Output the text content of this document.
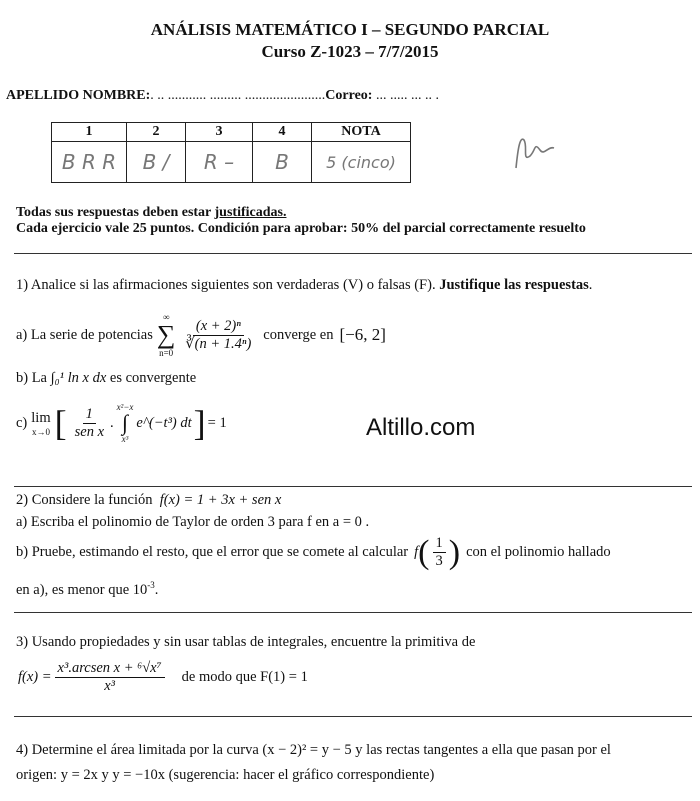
ANÁLISIS MATEMÁTICO I – SEGUNDO PARCIAL
Curso Z-1023 – 7/7/2015
APELLIDO NOMBRE:. .. ........... ......... .......................Correo: ... ..... ... .. .
1	2	3	4	NOTA
B R R	B /	R –	B	5 (cinco)
Todas sus respuestas deben estar justificadas.
Cada ejercicio vale 25 puntos. Condición para aprobar: 50% del parcial correctamente resuelto
1) Analice si las afirmaciones siguientes son verdaderas (V) o falsas (F). Justifique las respuestas.
a) La serie de potencias
∞
∑
n=0
$\frac{\text{(x + 2)ⁿ}}{\text{∛(n + 1.4ⁿ)}}$ converge en [−6, 2]
b) La ∫₀¹ ln x dx es convergente
c) lim
x→0 [ $\frac{1}{\text{sen x}}$ .
x²−x
∫
x³
e^(−t³) dt ] = 1	Altillo.com
2) Considere la función f(x) = 1 + 3x + sen x
a) Escriba el polinomio de Taylor de orden 3 para f en a = 0 .
b) Pruebe, estimando el resto, que el error que se comete al calcular f ( $\frac{1}{3}$ ) con el polinomio hallado
en a), es menor que $10^{-3}$.
3) Usando propiedades y sin usar tablas de integrales, encuentre la primitiva de
$f(x) = \frac{\text{x³.arcsen x + ⁶√x⁷}}{\text{x³}}$ de modo que F(1) = 1
4) Determine el área limitada por la curva (x − 2)² = y − 5 y las rectas tangentes a ella que pasan por el
origen: y = 2x y y = −10x (sugerencia: hacer el gráfico correspondiente)
